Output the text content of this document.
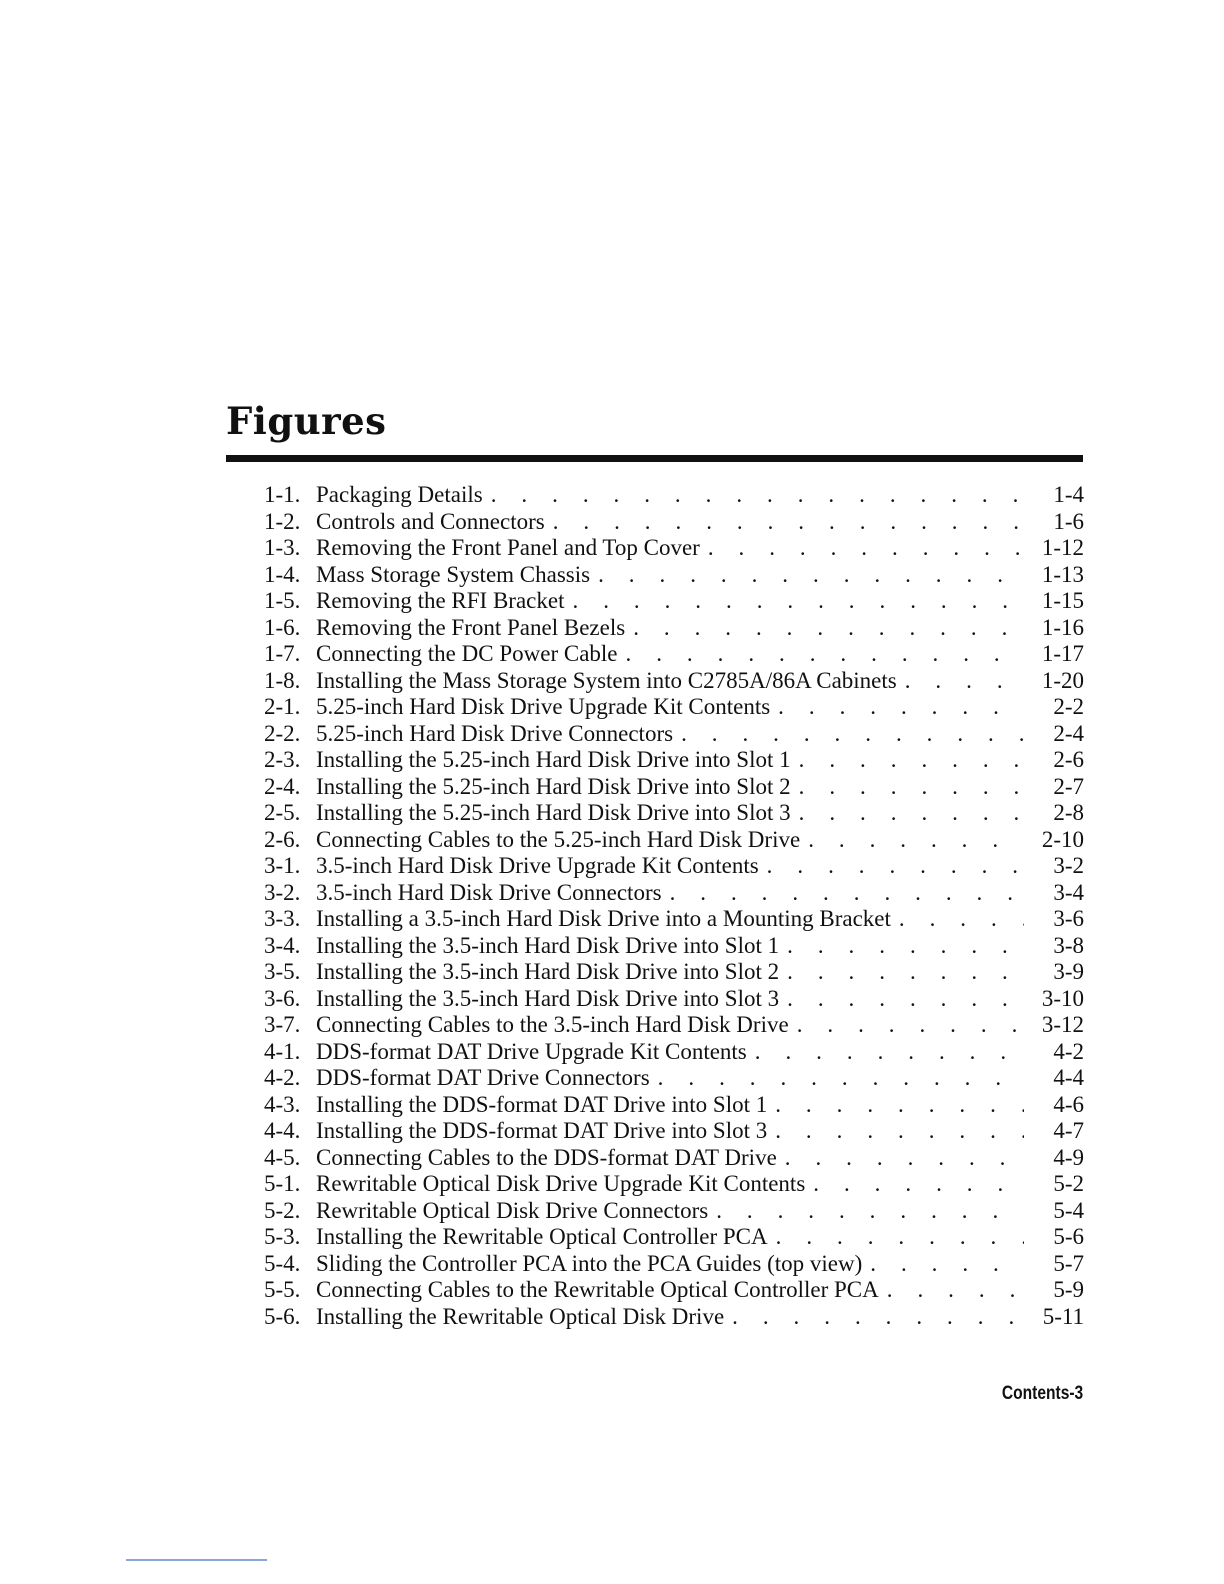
Figures
1-1. Packaging Details . . .	1-4
1-2. Controls and Connectors . . .	1-6
1-3. Removing the Front Panel and Top Cover . . .	1-12
1-4. Mass Storage System Chassis . . .	1-13
1-5. Removing the RFI Bracket . . .	1-15
1-6. Removing the Front Panel Bezels . . .	1-16
1-7. Connecting the DC Power Cable . . .	1-17
1-8. Installing the Mass Storage System into C2785A/86A Cabinets . . .	1-20
2-1. 5.25-inch Hard Disk Drive Upgrade Kit Contents . . .	2-2
2-2. 5.25-inch Hard Disk Drive Connectors . . .	2-4
2-3. Installing the 5.25-inch Hard Disk Drive into Slot 1 . . .	2-6
2-4. Installing the 5.25-inch Hard Disk Drive into Slot 2 . . .	2-7
2-5. Installing the 5.25-inch Hard Disk Drive into Slot 3 . . .	2-8
2-6. Connecting Cables to the 5.25-inch Hard Disk Drive . . .	2-10
3-1. 3.5-inch Hard Disk Drive Upgrade Kit Contents . . .	3-2
3-2. 3.5-inch Hard Disk Drive Connectors . . .	3-4
3-3. Installing a 3.5-inch Hard Disk Drive into a Mounting Bracket . . .	3-6
3-4. Installing the 3.5-inch Hard Disk Drive into Slot 1 . . .	3-8
3-5. Installing the 3.5-inch Hard Disk Drive into Slot 2 . . .	3-9
3-6. Installing the 3.5-inch Hard Disk Drive into Slot 3 . . .	3-10
3-7. Connecting Cables to the 3.5-inch Hard Disk Drive . . .	3-12
4-1. DDS-format DAT Drive Upgrade Kit Contents . . .	4-2
4-2. DDS-format DAT Drive Connectors . . .	4-4
4-3. Installing the DDS-format DAT Drive into Slot 1 . . .	4-6
4-4. Installing the DDS-format DAT Drive into Slot 3 . . .	4-7
4-5. Connecting Cables to the DDS-format DAT Drive . . .	4-9
5-1. Rewritable Optical Disk Drive Upgrade Kit Contents . . .	5-2
5-2. Rewritable Optical Disk Drive Connectors . . .	5-4
5-3. Installing the Rewritable Optical Controller PCA . . .	5-6
5-4. Sliding the Controller PCA into the PCA Guides (top view) . . .	5-7
5-5. Connecting Cables to the Rewritable Optical Controller PCA . . .	5-9
5-6. Installing the Rewritable Optical Disk Drive . . .	5-11
Contents-3
